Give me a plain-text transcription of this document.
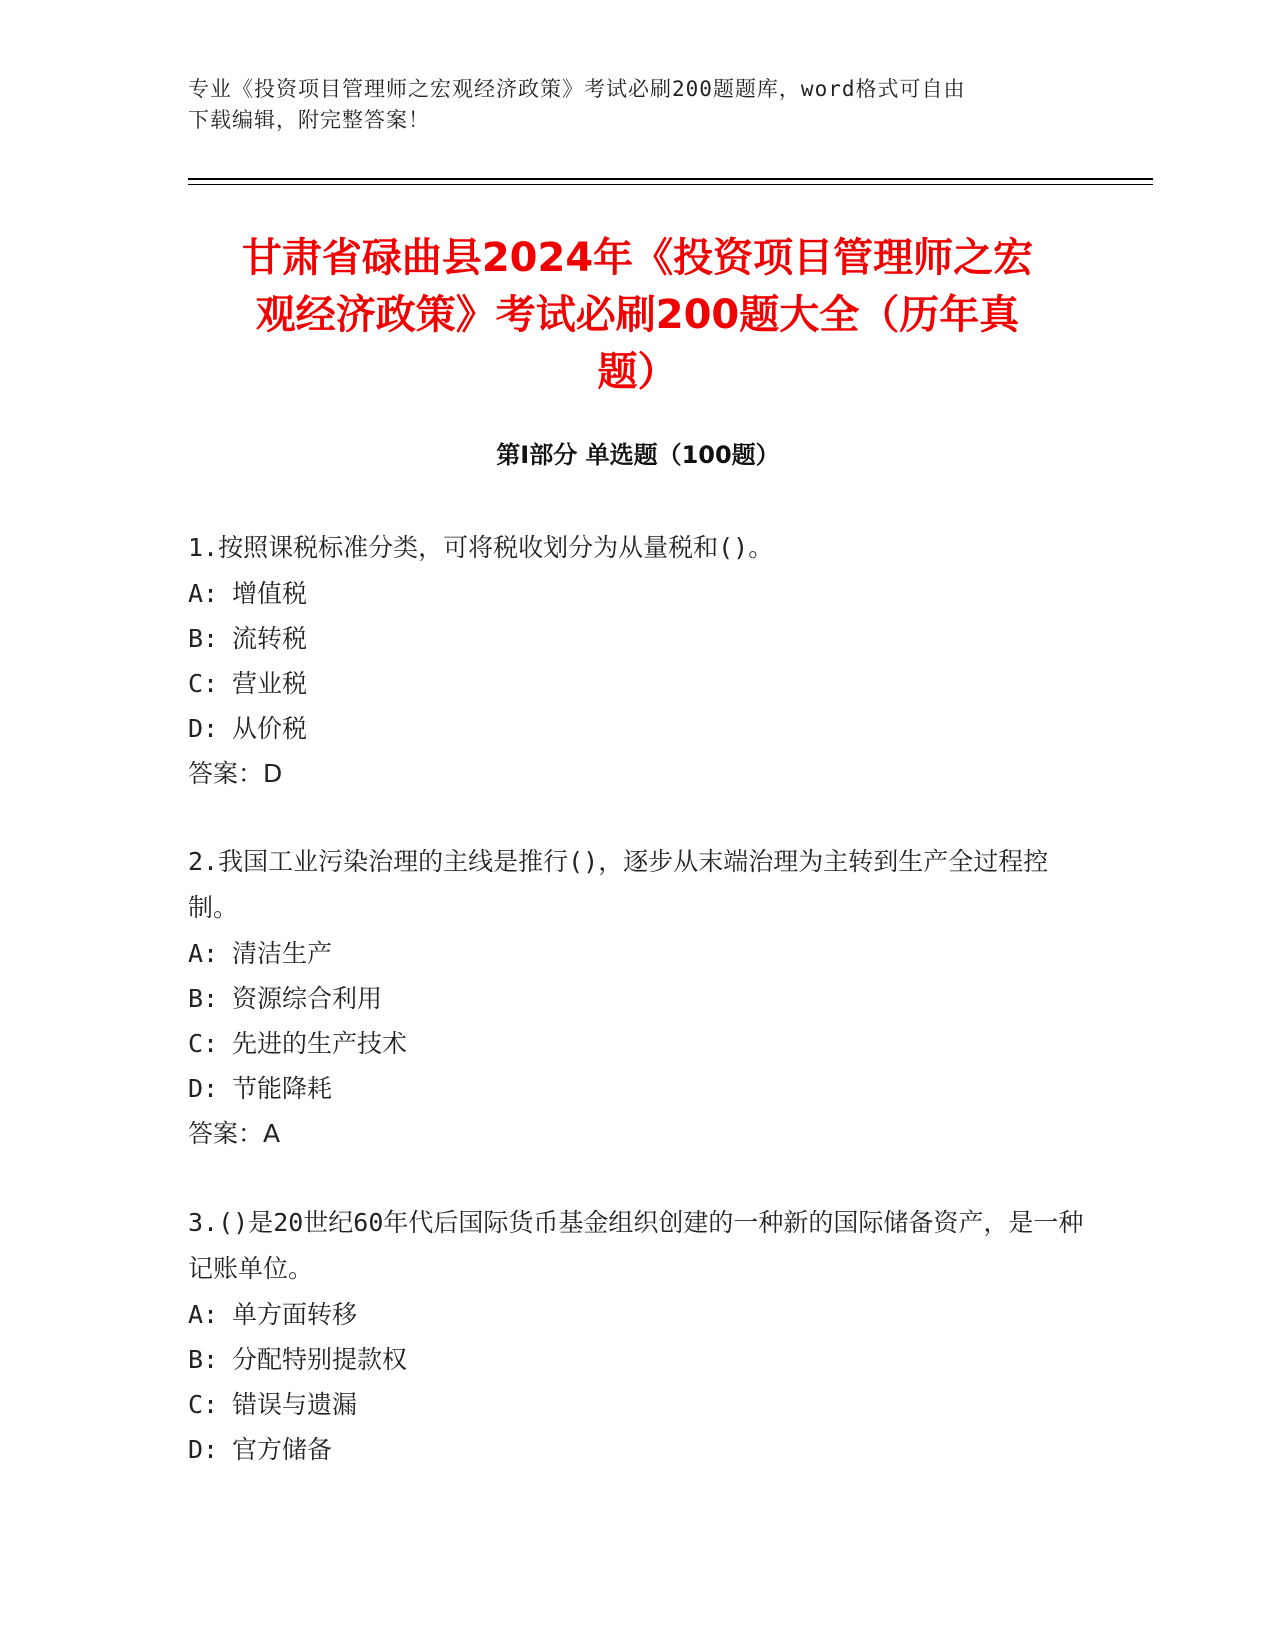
专业《投资项目管理师之宏观经济政策》考试必刷200题题库，word格式可自由
下载编辑，附完整答案！
甘肃省碌曲县2024年《投资项目管理师之宏
观经济政策》考试必刷200题大全（历年真
题）
第Ⅰ部分 单选题（100题）

1.按照课税标准分类，可将税收划分为从量税和()。

A: 增值税
B: 流转税
C: 营业税
D: 从价税
答案：D

2.我国工业污染治理的主线是推行()，逐步从末端治理为主转到生产全过程控制。

A: 清洁生产
B: 资源综合利用
C: 先进的生产技术
D: 节能降耗
答案：A

3.()是20世纪60年代后国际货币基金组织创建的一种新的国际储备资产，是一种记账单位。

A: 单方面转移
B: 分配特别提款权
C: 错误与遗漏
D: 官方储备
